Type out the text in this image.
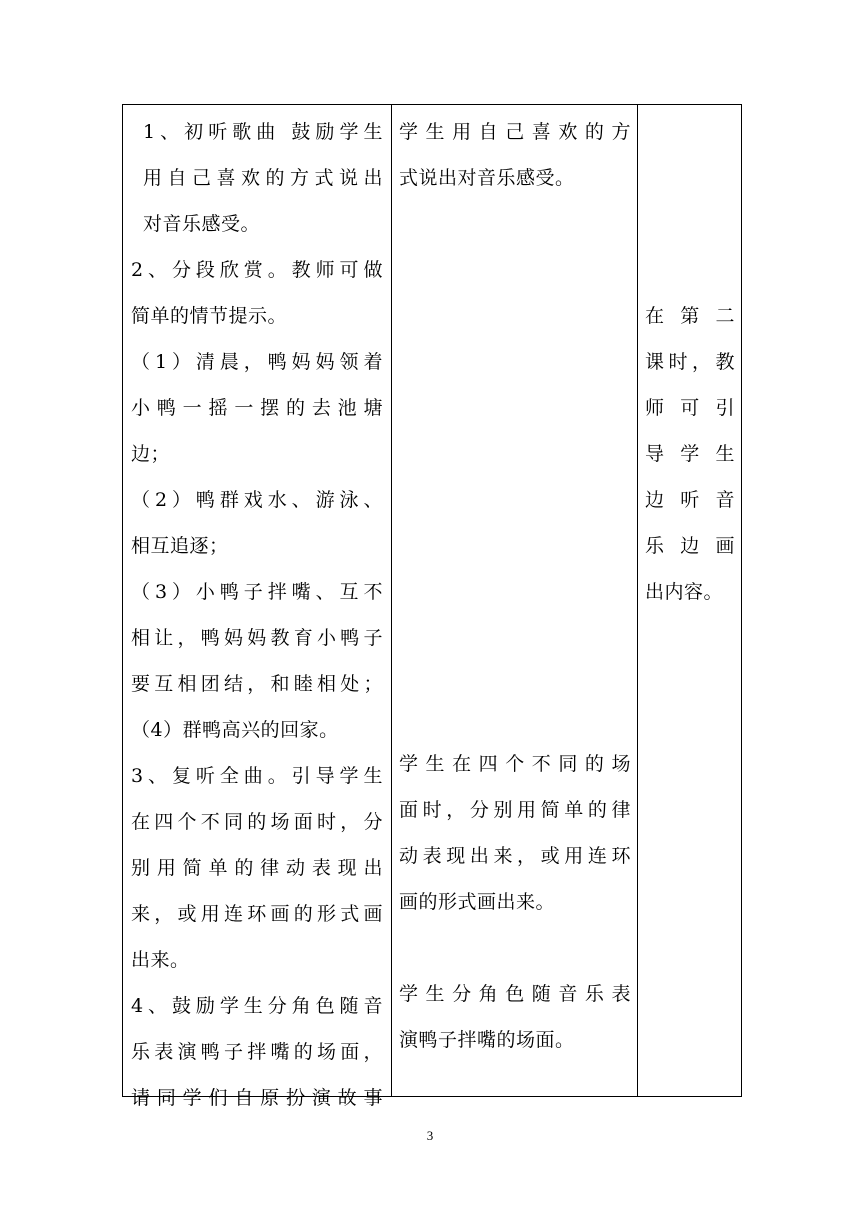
1、初听歌曲 鼓励学生
用自己喜欢的方式说出
对音乐感受。
2、分段欣赏。教师可做
简单的情节提示。
（1）清晨，鸭妈妈领着
小鸭一摇一摆的去池塘
边；
（2）鸭群戏水、游泳、
相互追逐；
（3）小鸭子拌嘴、互不
相让，鸭妈妈教育小鸭子
要互相团结，和睦相处；
（4）群鸭高兴的回家。
3、复听全曲。引导学生
在四个不同的场面时，分
别用简单的律动表现出
来，或用连环画的形式画
出来。
4、鼓励学生分角色随音
乐表演鸭子拌嘴的场面，
请同学们自原扮演故事
学生用自己喜欢的方
式说出对音乐感受。
学生在四个不同的场
面时，分别用简单的律
动表现出来，或用连环
画的形式画出来。
学生分角色随音乐表
演鸭子拌嘴的场面。
在第二
课时，教
师可引
导学生
边听音
乐边画
出内容。
3
